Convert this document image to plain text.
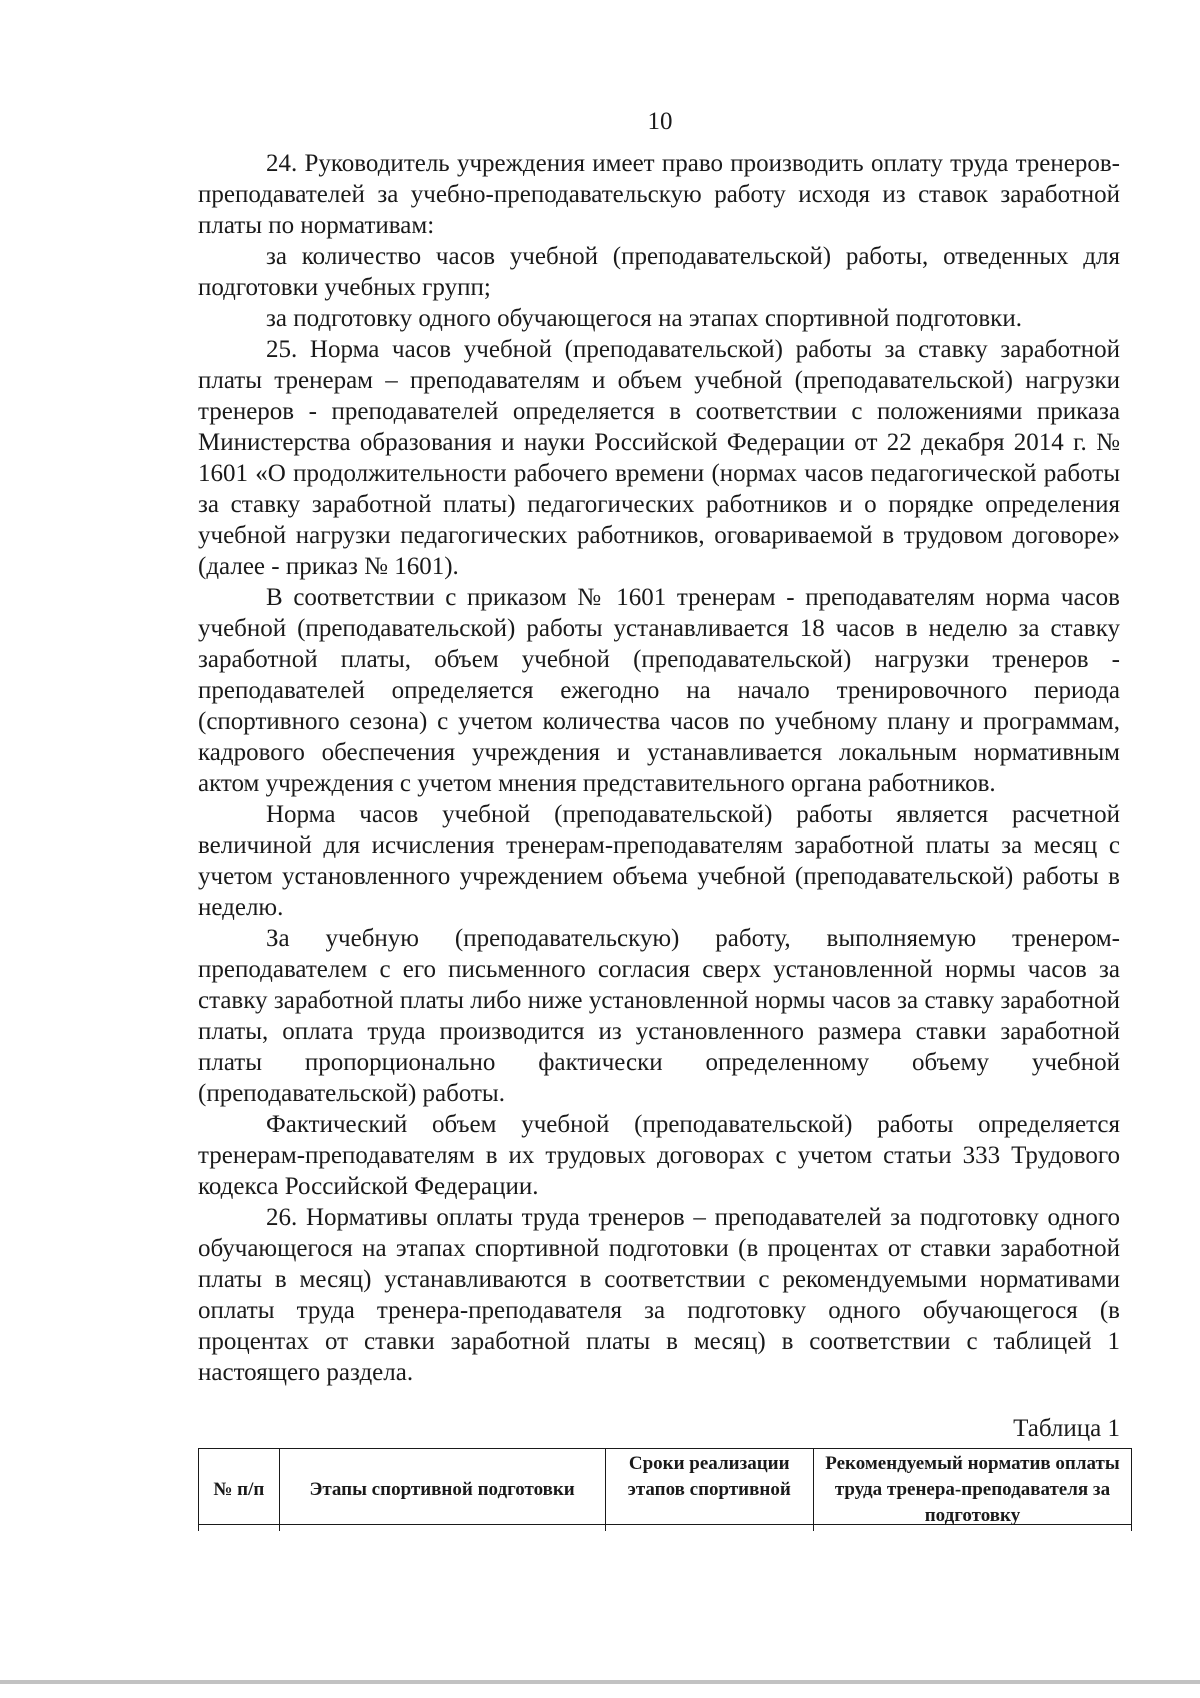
10

24. Руководитель учреждения имеет право производить оплату труда тренеров-преподавателей за учебно-преподавательскую работу исходя из ставок заработной платы по нормативам:

за количество часов учебной (преподавательской) работы, отведенных для подготовки учебных групп;

за подготовку одного обучающегося на этапах спортивной подготовки.

25. Норма часов учебной (преподавательской) работы за ставку заработной платы тренерам – преподавателям и объем учебной (преподавательской) нагрузки тренеров - преподавателей определяется в соответствии с положениями приказа Министерства образования и науки Российской Федерации от 22 декабря 2014 г. № 1601 «О продолжительности рабочего времени (нормах часов педагогической работы за ставку заработной платы) педагогических работников и о порядке определения учебной нагрузки педагогических работников, оговариваемой в трудовом договоре» (далее - приказ № 1601).

В соответствии с приказом № 1601 тренерам - преподавателям норма часов учебной (преподавательской) работы устанавливается 18 часов в неделю за ставку заработной платы, объем учебной (преподавательской) нагрузки тренеров - преподавателей определяется ежегодно на начало тренировочного периода (спортивного сезона) с учетом количества часов по учебному плану и программам, кадрового обеспечения учреждения и устанавливается локальным нормативным актом учреждения с учетом мнения представительного органа работников.

Норма часов учебной (преподавательской) работы является расчетной величиной для исчисления тренерам-преподавателям заработной платы за месяц с учетом установленного учреждением объема учебной (преподавательской) работы в неделю.

За учебную (преподавательскую) работу, выполняемую тренером-преподавателем с его письменного согласия сверх установленной нормы часов за ставку заработной платы либо ниже установленной нормы часов за ставку заработной платы, оплата труда производится из установленного размера ставки заработной платы пропорционально фактически определенному объему учебной (преподавательской) работы.

Фактический объем учебной (преподавательской) работы определяется тренерам-преподавателям в их трудовых договорах с учетом статьи 333 Трудового кодекса Российской Федерации.

26. Нормативы оплаты труда тренеров – преподавателей за подготовку одного обучающегося на этапах спортивной подготовки (в процентах от ставки заработной платы в месяц) устанавливаются в соответствии с рекомендуемыми нормативами оплаты труда тренера-преподавателя за подготовку одного обучающегося (в процентах от ставки заработной платы в месяц) в соответствии с таблицей 1 настоящего раздела.

Таблица 1
№ п/п	Этапы спортивной подготовки	Сроки реализации этапов спортивной	Рекомендуемый норматив оплаты труда тренера-преподавателя за подготовку
